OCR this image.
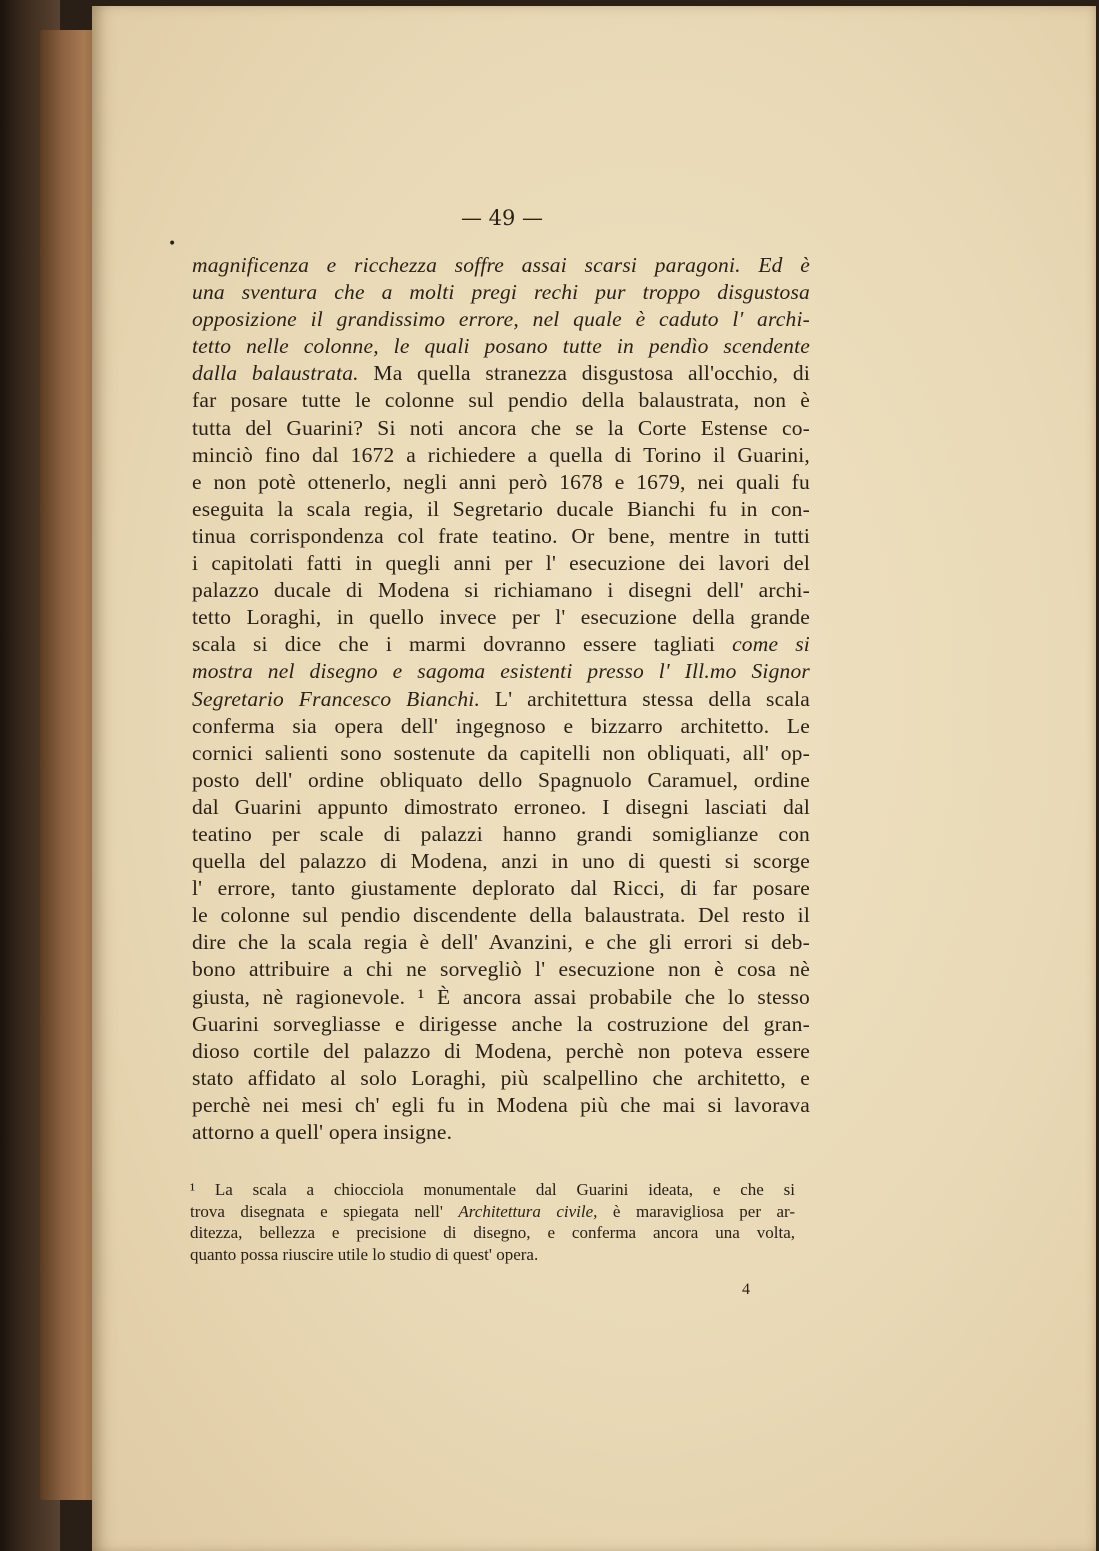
— 49 —
•
magnificenza e ricchezza soffre assai scarsi paragoni. Ed è
una sventura che a molti pregi rechi pur troppo disgustosa
opposizione il grandissimo errore, nel quale è caduto l' archi-
tetto nelle colonne, le quali posano tutte in pendìo scendente
dalla balaustrata. Ma quella stranezza disgustosa all'occhio, di
far posare tutte le colonne sul pendio della balaustrata, non è
tutta del Guarini? Si noti ancora che se la Corte Estense co-
minciò fino dal 1672 a richiedere a quella di Torino il Guarini,
e non potè ottenerlo, negli anni però 1678 e 1679, nei quali fu
eseguita la scala regia, il Segretario ducale Bianchi fu in con-
tinua corrispondenza col frate teatino. Or bene, mentre in tutti
i capitolati fatti in quegli anni per l' esecuzione dei lavori del
palazzo ducale di Modena si richiamano i disegni dell' archi-
tetto Loraghi, in quello invece per l' esecuzione della grande
scala si dice che i marmi dovranno essere tagliati come si
mostra nel disegno e sagoma esistenti presso l' Ill.mo Signor
Segretario Francesco Bianchi. L' architettura stessa della scala
conferma sia opera dell' ingegnoso e bizzarro architetto. Le
cornici salienti sono sostenute da capitelli non obliquati, all' op-
posto dell' ordine obliquato dello Spagnuolo Caramuel, ordine
dal Guarini appunto dimostrato erroneo. I disegni lasciati dal
teatino per scale di palazzi hanno grandi somiglianze con
quella del palazzo di Modena, anzi in uno di questi si scorge
l' errore, tanto giustamente deplorato dal Ricci, di far posare
le colonne sul pendio discendente della balaustrata. Del resto il
dire che la scala regia è dell' Avanzini, e che gli errori si deb-
bono attribuire a chi ne sorvegliò l' esecuzione non è cosa nè
giusta, nè ragionevole. ¹ È ancora assai probabile che lo stesso
Guarini sorvegliasse e dirigesse anche la costruzione del gran-
dioso cortile del palazzo di Modena, perchè non poteva essere
stato affidato al solo Loraghi, più scalpellino che architetto, e
perchè nei mesi ch' egli fu in Modena più che mai si lavorava
attorno a quell' opera insigne.
¹ La scala a chiocciola monumentale dal Guarini ideata, e che si
trova disegnata e spiegata nell' Architettura civile, è maravigliosa per ar-
ditezza, bellezza e precisione di disegno, e conferma ancora una volta,
quanto possa riuscire utile lo studio di quest' opera.
4
